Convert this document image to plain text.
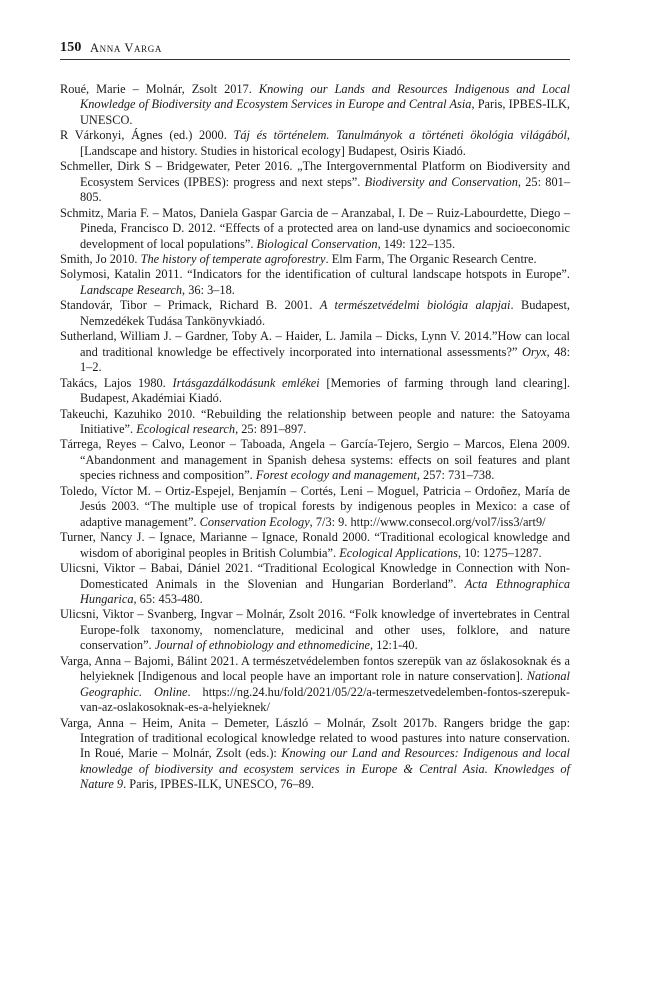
150 Anna Varga

Roué, Marie – Molnár, Zsolt 2017. Knowing our Lands and Resources Indigenous and Local Knowledge of Biodiversity and Ecosystem Services in Europe and Central Asia, Paris, IPBES-ILK, UNESCO.

R Várkonyi, Ágnes (ed.) 2000. Táj és történelem. Tanulmányok a történeti ökológia világából, [Landscape and history. Studies in historical ecology] Budapest, Osiris Kiadó.

Schmeller, Dirk S – Bridgewater, Peter 2016. „The Intergovernmental Platform on Biodiversity and Ecosystem Services (IPBES): progress and next steps”. Biodiversity and Conservation, 25: 801–805.

Schmitz, Maria F. – Matos, Daniela Gaspar Garcia de – Aranzabal, I. De – Ruiz-Labourdette, Diego – Pineda, Francisco D. 2012. “Effects of a protected area on land-use dynamics and socioeconomic development of local populations”. Biological Conservation, 149: 122–135.

Smith, Jo 2010. The history of temperate agroforestry. Elm Farm, The Organic Research Centre.

Solymosi, Katalin 2011. “Indicators for the identification of cultural landscape hotspots in Europe”. Landscape Research, 36: 3–18.

Standovár, Tibor – Primack, Richard B. 2001. A természetvédelmi biológia alapjai. Budapest, Nemzedékek Tudása Tankönyvkiadó.

Sutherland, William J. – Gardner, Toby A. – Haider, L. Jamila – Dicks, Lynn V. 2014.”How can local and traditional knowledge be effectively incorporated into international assessments?” Oryx, 48: 1–2.

Takács, Lajos 1980. Irtásgazdálkodásunk emlékei [Memories of farming through land clearing]. Budapest, Akadémiai Kiadó.

Takeuchi, Kazuhiko 2010. “Rebuilding the relationship between people and nature: the Satoyama Initiative”. Ecological research, 25: 891–897.

Tárrega, Reyes – Calvo, Leonor – Taboada, Angela – García-Tejero, Sergio – Marcos, Elena 2009. “Abandonment and management in Spanish dehesa systems: effects on soil features and plant species richness and composition”. Forest ecology and management, 257: 731–738.

Toledo, Víctor M. – Ortiz-Espejel, Benjamín – Cortés, Leni – Moguel, Patricia – Ordoñez, María de Jesús 2003. “The multiple use of tropical forests by indigenous peoples in Mexico: a case of adaptive management”. Conservation Ecology, 7/3: 9. http://www.consecol.org/vol7/iss3/art9/

Turner, Nancy J. – Ignace, Marianne – Ignace, Ronald 2000. “Traditional ecological knowledge and wisdom of aboriginal peoples in British Columbia”. Ecological Applications, 10: 1275–1287.

Ulicsni, Viktor – Babai, Dániel 2021. “Traditional Ecological Knowledge in Connection with Non-Domesticated Animals in the Slovenian and Hungarian Borderland”. Acta Ethnographica Hungarica, 65: 453-480.

Ulicsni, Viktor – Svanberg, Ingvar – Molnár, Zsolt 2016. “Folk knowledge of invertebrates in Central Europe-folk taxonomy, nomenclature, medicinal and other uses, folklore, and nature conservation”. Journal of ethnobiology and ethnomedicine, 12:1-40.

Varga, Anna – Bajomi, Bálint 2021. A természetvédelemben fontos szerepük van az őslakosoknak és a helyieknek [Indigenous and local people have an important role in nature conservation]. National Geographic. Online. https://ng.24.hu/fold/2021/05/22/a-termeszetvedelemben-fontos-szerepuk-van-az-oslakosoknak-es-a-helyieknek/

Varga, Anna – Heim, Anita – Demeter, László – Molnár, Zsolt 2017b. Rangers bridge the gap: Integration of traditional ecological knowledge related to wood pastures into nature conservation. In Roué, Marie – Molnár, Zsolt (eds.): Knowing our Land and Resources: Indigenous and local knowledge of biodiversity and ecosystem services in Europe & Central Asia. Knowledges of Nature 9. Paris, IPBES-ILK, UNESCO, 76–89.
